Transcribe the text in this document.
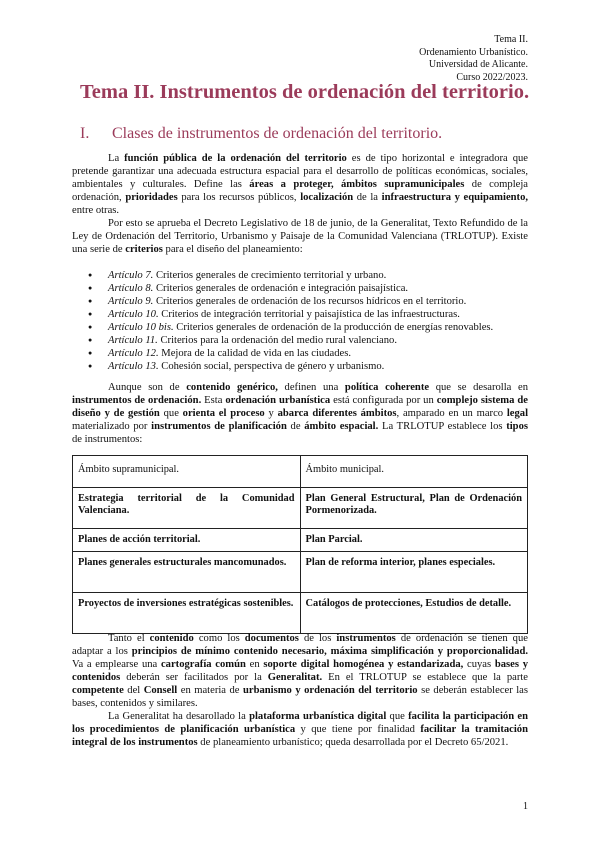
Tema II.
Ordenamiento Urbanístico.
Universidad de Alicante.
Curso 2022/2023.
Tema II. Instrumentos de ordenación del territorio.
I. Clases de instrumentos de ordenación del territorio.

La función pública de la ordenación del territorio es de tipo horizontal e integradora que pretende garantizar una adecuada estructura espacial para el desarrollo de políticas económicas, sociales, ambientales y culturales. Define las áreas a proteger, ámbitos supramunicipales de compleja ordenación, prioridades para los recursos públicos, localización de la infraestructura y equipamiento, entre otras.

Por esto se aprueba el Decreto Legislativo de 18 de junio, de la Generalitat, Texto Refundido de la Ley de Ordenación del Territorio, Urbanismo y Paisaje de la Comunidad Valenciana (TRLOTUP). Existe una serie de criterios para el diseño del planeamiento:

● Artículo 7. Criterios generales de crecimiento territorial y urbano.
● Artículo 8. Criterios generales de ordenación e integración paisajística.
● Artículo 9. Criterios generales de ordenación de los recursos hídricos en el territorio.
● Artículo 10. Criterios de integración territorial y paisajística de las infraestructuras.
● Artículo 10 bis. Criterios generales de ordenación de la producción de energías renovables.
● Artículo 11. Criterios para la ordenación del medio rural valenciano.
● Artículo 12. Mejora de la calidad de vida en las ciudades.
● Artículo 13. Cohesión social, perspectiva de género y urbanismo.

Aunque son de contenido genérico, definen una política coherente que se desarolla en instrumentos de ordenación. Esta ordenación urbanística está configurada por un complejo sistema de diseño y de gestión que orienta el proceso y abarca diferentes ámbitos, amparado en un marco legal materializado por instrumentos de planificación de ámbito espacial. La TRLOTUP establece los tipos de instrumentos:

Ámbito supramunicipal.	Ámbito municipal.
Estrategia territorial de la Comunidad Valenciana.	Plan General Estructural, Plan de Ordenación Pormenorizada.
Planes de acción territorial.	Plan Parcial.
Planes generales estructurales mancomunados.	Plan de reforma interior, planes especiales.
Proyectos de inversiones estratégicas sostenibles.	Catálogos de protecciones, Estudios de detalle.

Tanto el contenido como los documentos de los instrumentos de ordenación se tienen que adaptar a los principios de mínimo contenido necesario, máxima simplificación y proporcionalidad. Va a emplearse una cartografía común en soporte digital homogénea y estandarizada, cuyas bases y contenidos deberán ser facilitados por la Generalitat. En el TRLOTUP se establece que la parte competente del Consell en materia de urbanismo y ordenación del territorio se deberán establecer las bases, contenidos y similares.

La Generalitat ha desarollado la plataforma urbanística digital que facilita la participación en los procedimientos de planificación urbanística y que tiene por finalidad facilitar la tramitación integral de los instrumentos de planeamiento urbanístico; queda desarrollada por el Decreto 65/2021.

1
